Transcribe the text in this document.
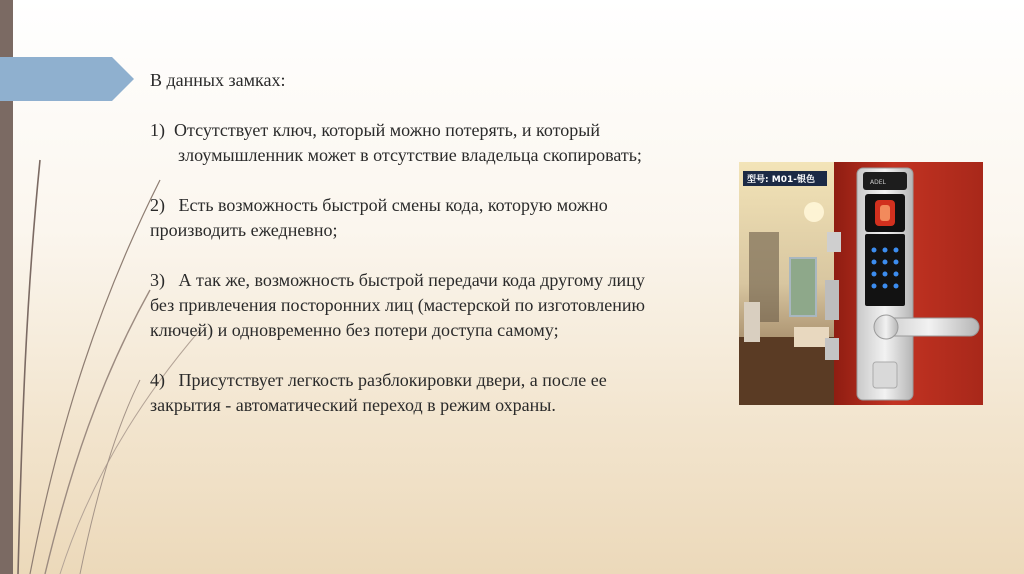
В данных замках:

1)  Отсутствует ключ, который можно потерять, и который злоумышленник может в отсутствие владельца скопировать;

2)   Есть возможность быстрой смены кода, которую можно производить ежедневно;

3)   А так же, возможность быстрой передачи кода другому лицу без привлечения посторонних лиц (мастерской по изготовлению ключей) и одновременно без потери доступа самому;

4)   Присутствует легкость разблокировки двери, а после ее закрытия - автоматический переход в режим охраны.

型号: M01-银色	ADEL
